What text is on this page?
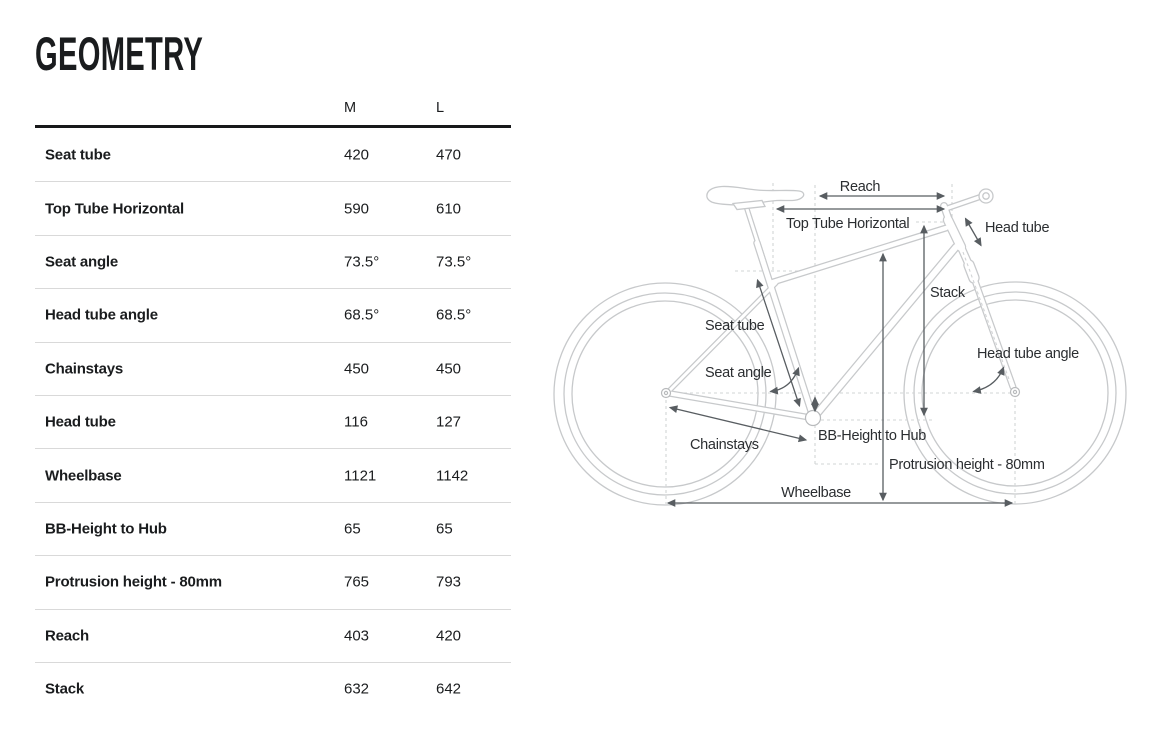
GEOMETRY
M	L
Seat tube	420	470
Top Tube Horizontal	590	610
Seat angle	73.5°	73.5°
Head tube angle	68.5°	68.5°
Chainstays	450	450
Head tube	116	127
Wheelbase	1121	1142
BB-Height to Hub	65	65
Protrusion height - 80mm	765	793
Reach	403	420
Stack	632	642
Reach
Top Tube Horizontal	Head tube
Stack
Seat tube
Seat angle
Head tube angle
Chainstays
BB-Height to Hub
Protrusion height - 80mm
Wheelbase
